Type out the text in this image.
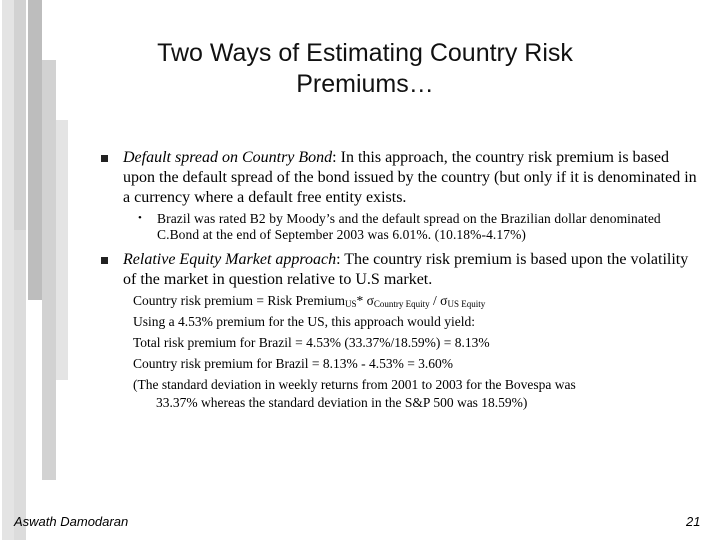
Two Ways of Estimating Country Risk
Premiums…
Default spread on Country Bond: In this approach, the country risk premium is based upon the default spread of the bond issued by the country (but only if it is denominated in a currency where a default free entity exists.
• Brazil was rated B2 by Moody’s and the default spread on the Brazilian dollar denominated C.Bond at the end of September 2003 was 6.01%. (10.18%-4.17%)
Relative Equity Market approach: The country risk premium is based upon the volatility of the market in question relative to U.S market.
Country risk premium = Risk Premium$_{US}$* $\sigma_{Country Equity} / \sigma_{US Equity}$
Using a 4.53% premium for the US, this approach would yield:
Total risk premium for Brazil = 4.53% (33.37%/18.59%) = 8.13%
Country risk premium for Brazil = 8.13% - 4.53% = 3.60%
(The standard deviation in weekly returns from 2001 to 2003 for the Bovespa was
33.37% whereas the standard deviation in the S&P 500 was 18.59%)
Aswath Damodaran	21
